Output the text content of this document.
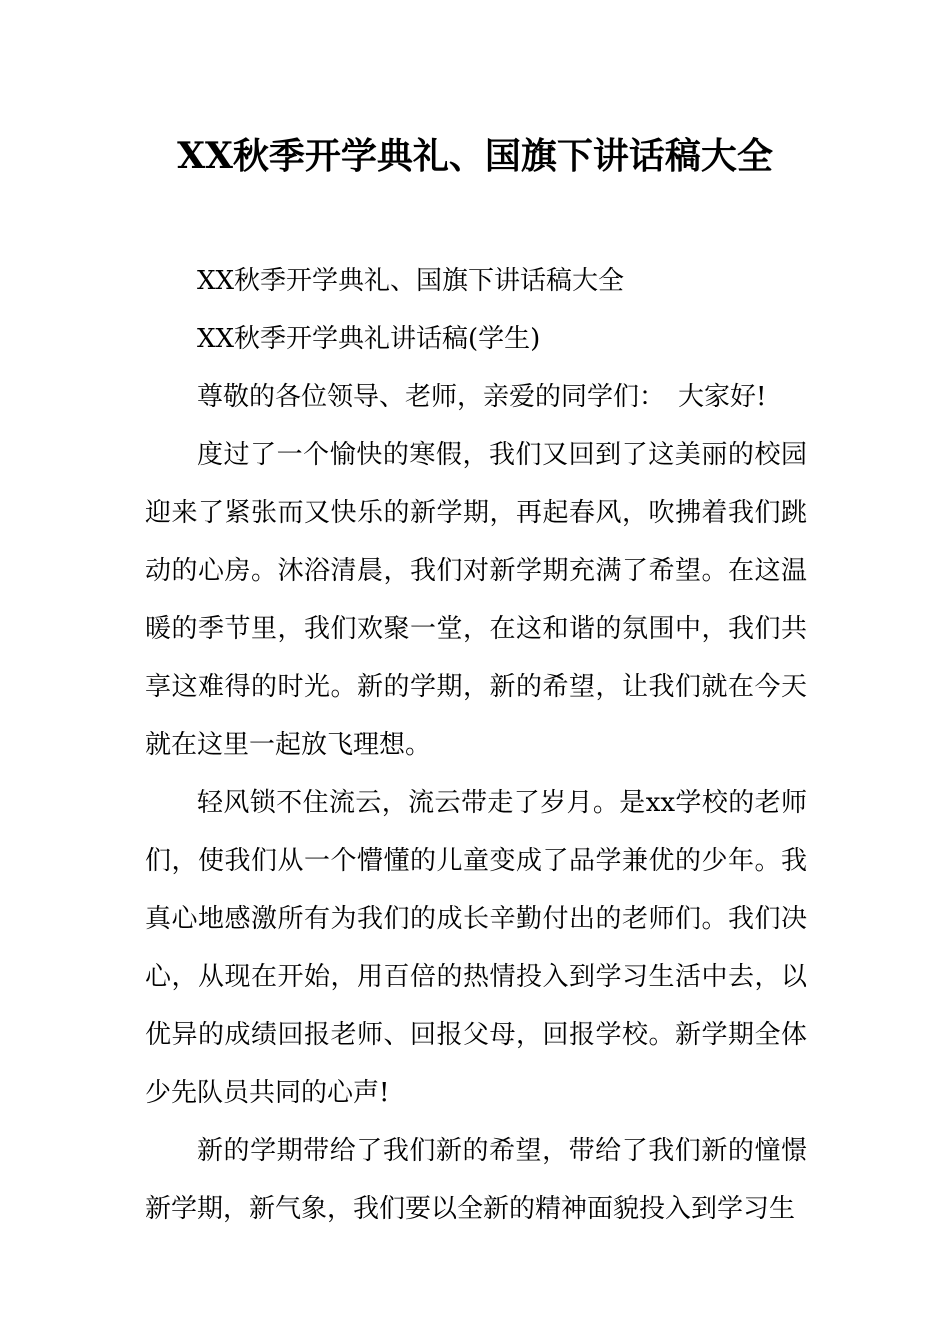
XX秋季开学典礼、国旗下讲话稿大全

XX秋季开学典礼、国旗下讲话稿大全

XX秋季开学典礼讲话稿(学生)

尊敬的各位领导、老师，亲爱的同学们：　大家好!

度过了一个愉快的寒假，我们又回到了这美丽的校园迎来了紧张而又快乐的新学期，再起春风，吹拂着我们跳动的心房。沐浴清晨，我们对新学期充满了希望。在这温暖的季节里，我们欢聚一堂，在这和谐的氛围中，我们共享这难得的时光。新的学期，新的希望，让我们就在今天就在这里一起放飞理想。

轻风锁不住流云，流云带走了岁月。是xx学校的老师们，使我们从一个懵懂的儿童变成了品学兼优的少年。我真心地感激所有为我们的成长辛勤付出的老师们。我们决心，从现在开始，用百倍的热情投入到学习生活中去，以优异的成绩回报老师、回报父母，回报学校。新学期全体少先队员共同的心声!

新的学期带给了我们新的希望，带给了我们新的憧憬新学期，新气象，我们要以全新的精神面貌投入到学习生
